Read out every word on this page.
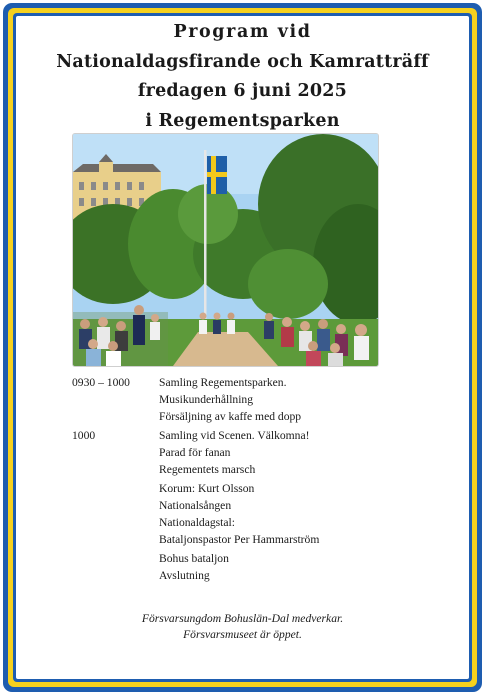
Program vid
Nationaldagsfirande och Kamratträff
fredagen 6 juni 2025
i Regementsparken
0930 – 1000	Samling Regementsparken.
Musikunderhållning
Försäljning av kaffe med dopp
1000	Samling vid Scenen. Välkomna!
Parad för fanan
Regementets marsch
Korum: Kurt Olsson
Nationalsången
Nationaldagstal:
Bataljonspastor Per Hammarström
Bohus bataljon
Avslutning
Försvarsungdom Bohuslän-Dal medverkar.
Försvarsmuseet är öppet.
